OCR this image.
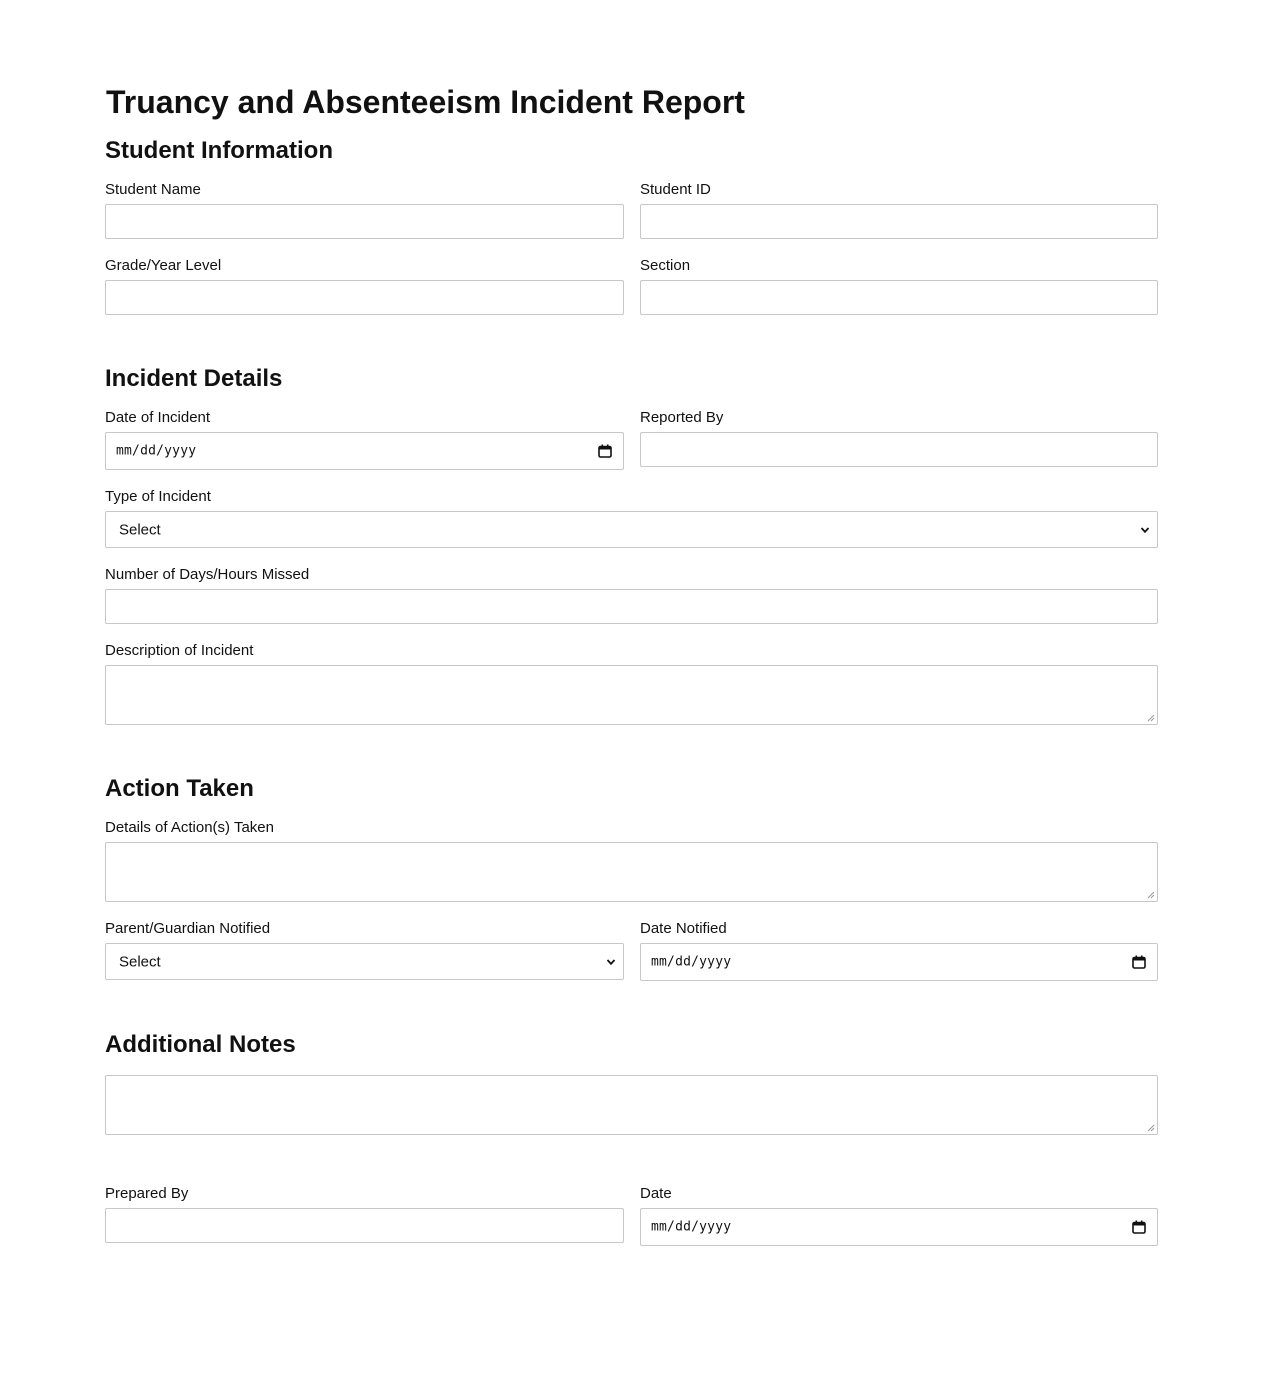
Truancy and Absenteeism Incident Report
Student Information
Student Name	Student ID
Grade/Year Level	Section
Incident Details
Date of Incident
mm/dd/yyyy
Reported By
Type of Incident
Select
Number of Days/Hours Missed
Description of Incident
Action Taken
Details of Action(s) Taken
Parent/Guardian Notified
Select
Date Notified
mm/dd/yyyy
Additional Notes
Prepared By	Date
mm/dd/yyyy
